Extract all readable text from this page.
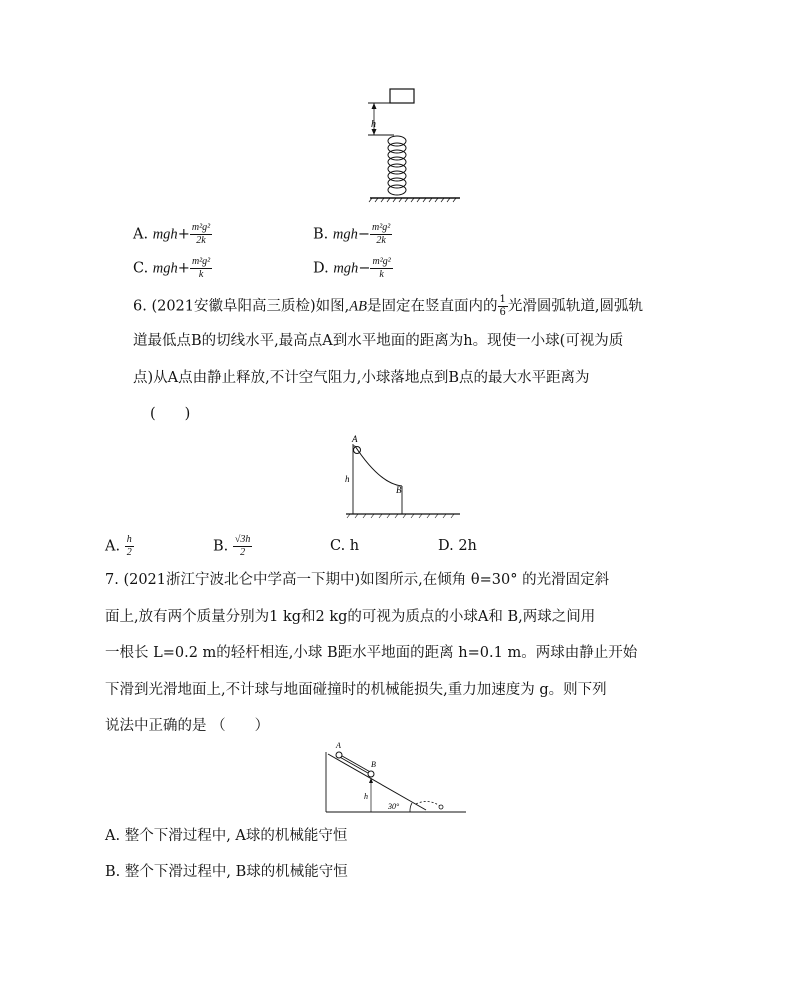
h
A. $mgh+ \frac{\text{m²g²}}{2k}$	B. $mgh- \frac{\text{m²g²}}{2k}$
C. $mgh+ \frac{\text{m²g²}}{k}$	D. $mgh- \frac{\text{m²g²}}{k}$
6. (2021安徽阜阳高三质检)如图,AB是固定在竖直面内的 $\frac{1}{6}$ 光滑圆弧轨道,圆弧轨
道最低点B的切线水平,最高点A到水平地面的距离为h。现使一小球(可视为质
点)从A点由静止释放,不计空气阻力,小球落地点到B点的最大水平距离为
(　　)
A
B
h
A. $\frac{h}{2}$	B. $\frac{√3h}{2}$	C. h	D. 2h
7. (2021浙江宁波北仑中学高一下期中)如图所示,在倾角 θ=30° 的光滑固定斜
面上,放有两个质量分别为1 kg和2 kg的可视为质点的小球A和 B,两球之间用
一根长 L=0.2 m的轻杆相连,小球 B距水平地面的距离 h=0.1 m。两球由静止开始
下滑到光滑地面上,不计球与地面碰撞时的机械能损失,重力加速度为 g。则下列
说法中正确的是 （　　）
A
B
h
30°
A. 整个下滑过程中, A球的机械能守恒
B. 整个下滑过程中, B球的机械能守恒
